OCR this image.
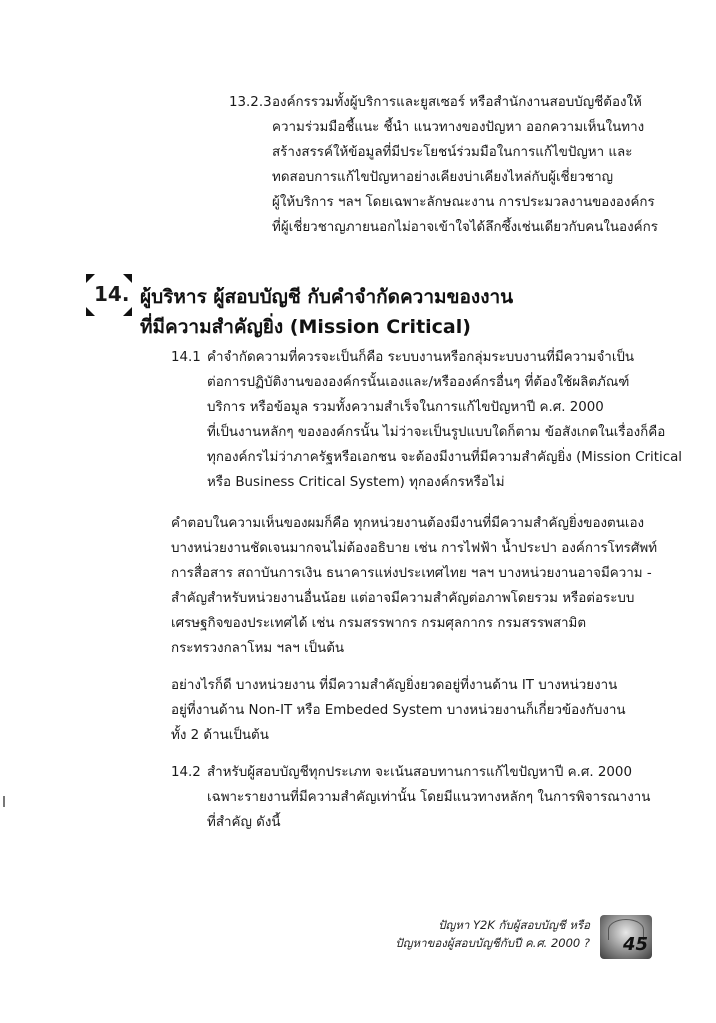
13.2.3 องค์กรรวมทั้งผู้บริการและยูสเซอร์ หรือสำนักงานสอบบัญชีต้องให้
ความร่วมมือชี้แนะ ชี้นำ แนวทางของปัญหา ออกความเห็นในทาง
สร้างสรรค์ให้ข้อมูลที่มีประโยชน์ร่วมมือในการแก้ไขปัญหา และ
ทดสอบการแก้ไขปัญหาอย่างเคียงบ่าเคียงไหล่กับผู้เชี่ยวชาญ
ผู้ให้บริการ ฯลฯ โดยเฉพาะลักษณะงาน การประมวลงานขององค์กร
ที่ผู้เชี่ยวชาญภายนอกไม่อาจเข้าใจได้ลึกซึ้งเช่นเดียวกับคนในองค์กร
14. ผู้บริหาร ผู้สอบบัญชี กับคำจำกัดความของงาน
ที่มีความสำคัญยิ่ง (Mission Critical)
14.1 คำจำกัดความที่ควรจะเป็นก็คือ ระบบงานหรือกลุ่มระบบงานที่มีความจำเป็น
ต่อการปฏิบัติงานขององค์กรนั้นเองและ/หรือองค์กรอื่นๆ ที่ต้องใช้ผลิตภัณฑ์
บริการ หรือข้อมูล รวมทั้งความสำเร็จในการแก้ไขปัญหาปี ค.ศ. 2000
ที่เป็นงานหลักๆ ขององค์กรนั้น ไม่ว่าจะเป็นรูปแบบใดก็ตาม ข้อสังเกตในเรื่องก็คือ
ทุกองค์กรไม่ว่าภาครัฐหรือเอกชน จะต้องมีงานที่มีความสำคัญยิ่ง (Mission Critical
หรือ Business Critical System) ทุกองค์กรหรือไม่
คำตอบในความเห็นของผมก็คือ ทุกหน่วยงานต้องมีงานที่มีความสำคัญยิ่งของตนเอง
บางหน่วยงานชัดเจนมากจนไม่ต้องอธิบาย เช่น การไฟฟ้า น้ำประปา องค์การโทรศัพท์
การสื่อสาร สถาบันการเงิน ธนาคารแห่งประเทศไทย ฯลฯ บางหน่วยงานอาจมีความ -
สำคัญสำหรับหน่วยงานอื่นน้อย แต่อาจมีความสำคัญต่อภาพโดยรวม หรือต่อระบบ
เศรษฐกิจของประเทศได้ เช่น กรมสรรพากร กรมศุลกากร กรมสรรพสามิต
กระทรวงกลาโหม ฯลฯ เป็นต้น
อย่างไรก็ดี บางหน่วยงาน ที่มีความสำคัญยิ่งยวดอยู่ที่งานด้าน IT บางหน่วยงาน
อยู่ที่งานด้าน Non-IT หรือ Embeded System บางหน่วยงานก็เกี่ยวข้องกับงาน
ทั้ง 2 ด้านเป็นต้น
14.2 สำหรับผู้สอบบัญชีทุกประเภท จะเน้นสอบทานการแก้ไขปัญหาปี ค.ศ. 2000
เฉพาะรายงานที่มีความสำคัญเท่านั้น โดยมีแนวทางหลักๆ ในการพิจารณางาน
ที่สำคัญ ดังนี้
ปัญหา Y2K กับผู้สอบบัญชี หรือ
ปัญหาของผู้สอบบัญชีกับปี ค.ศ. 2000 ? 45
